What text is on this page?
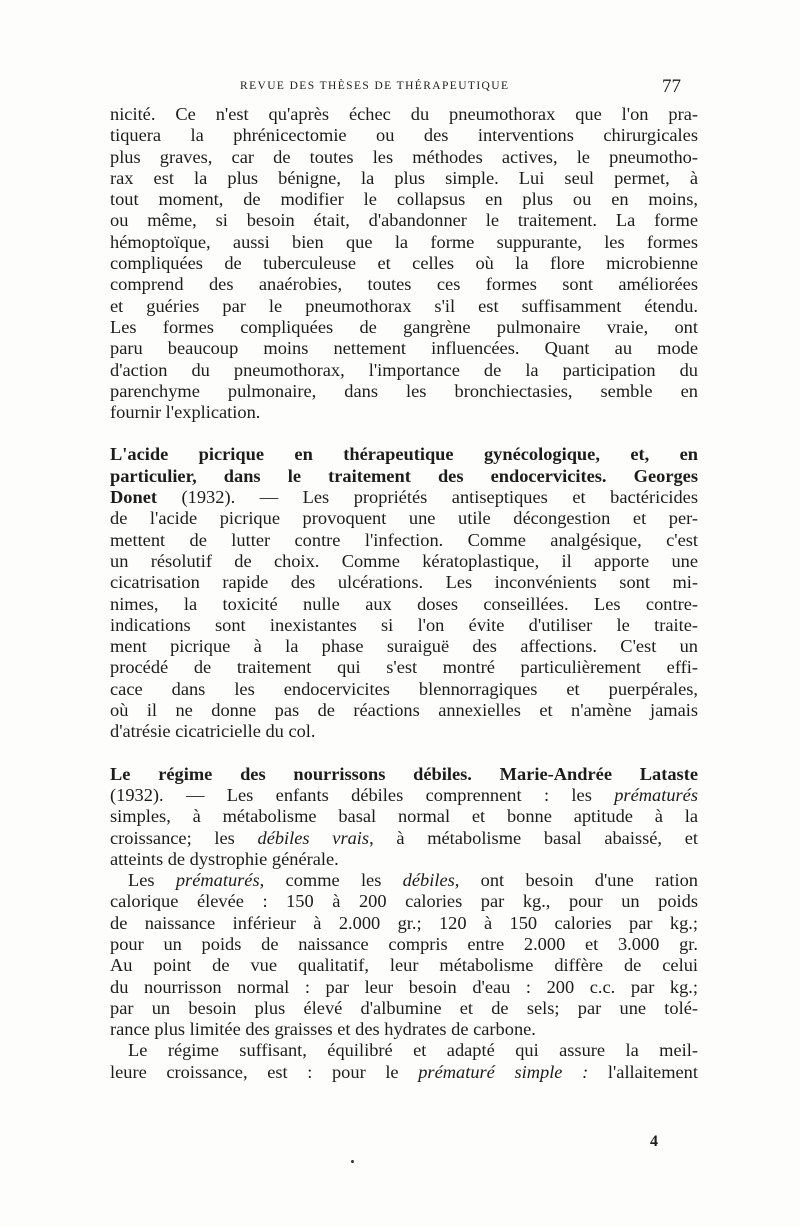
REVUE DES THÈSES DE THÉRAPEUTIQUE	77
nicité. Ce n'est qu'après échec du pneumothorax que l'on pra-
tiquera la phrénicectomie ou des interventions chirurgicales
plus graves, car de toutes les méthodes actives, le pneumotho-
rax est la plus bénigne, la plus simple. Lui seul permet, à
tout moment, de modifier le collapsus en plus ou en moins,
ou même, si besoin était, d'abandonner le traitement. La forme
hémoptoïque, aussi bien que la forme suppurante, les formes
compliquées de tuberculeuse et celles où la flore microbienne
comprend des anaérobies, toutes ces formes sont améliorées
et guéries par le pneumothorax s'il est suffisamment étendu.
Les formes compliquées de gangrène pulmonaire vraie, ont
paru beaucoup moins nettement influencées. Quant au mode
d'action du pneumothorax, l'importance de la participation du
parenchyme pulmonaire, dans les bronchiectasies, semble en
fournir l'explication.
L'acide picrique en thérapeutique gynécologique, et, en
particulier, dans le traitement des endocervicites. Georges
Donet (1932). — Les propriétés antiseptiques et bactéricides
de l'acide picrique provoquent une utile décongestion et per-
mettent de lutter contre l'infection. Comme analgésique, c'est
un résolutif de choix. Comme kératoplastique, il apporte une
cicatrisation rapide des ulcérations. Les inconvénients sont mi-
nimes, la toxicité nulle aux doses conseillées. Les contre-
indications sont inexistantes si l'on évite d'utiliser le traite-
ment picrique à la phase suraiguë des affections. C'est un
procédé de traitement qui s'est montré particulièrement effi-
cace dans les endocervicites blennorragiques et puerpérales,
où il ne donne pas de réactions annexielles et n'amène jamais
d'atrésie cicatricielle du col.
Le régime des nourrissons débiles. Marie-Andrée Lataste
(1932). — Les enfants débiles comprennent : les prématurés
simples, à métabolisme basal normal et bonne aptitude à la
croissance; les débiles vrais, à métabolisme basal abaissé, et
atteints de dystrophie générale.
Les prématurés, comme les débiles, ont besoin d'une ration
calorique élevée : 150 à 200 calories par kg., pour un poids
de naissance inférieur à 2.000 gr.; 120 à 150 calories par kg.;
pour un poids de naissance compris entre 2.000 et 3.000 gr.
Au point de vue qualitatif, leur métabolisme diffère de celui
du nourrisson normal : par leur besoin d'eau : 200 c.c. par kg.;
par un besoin plus élevé d'albumine et de sels; par une tolé-
rance plus limitée des graisses et des hydrates de carbone.
Le régime suffisant, équilibré et adapté qui assure la meil-
leure croissance, est : pour le prématuré simple : l'allaitement
4
